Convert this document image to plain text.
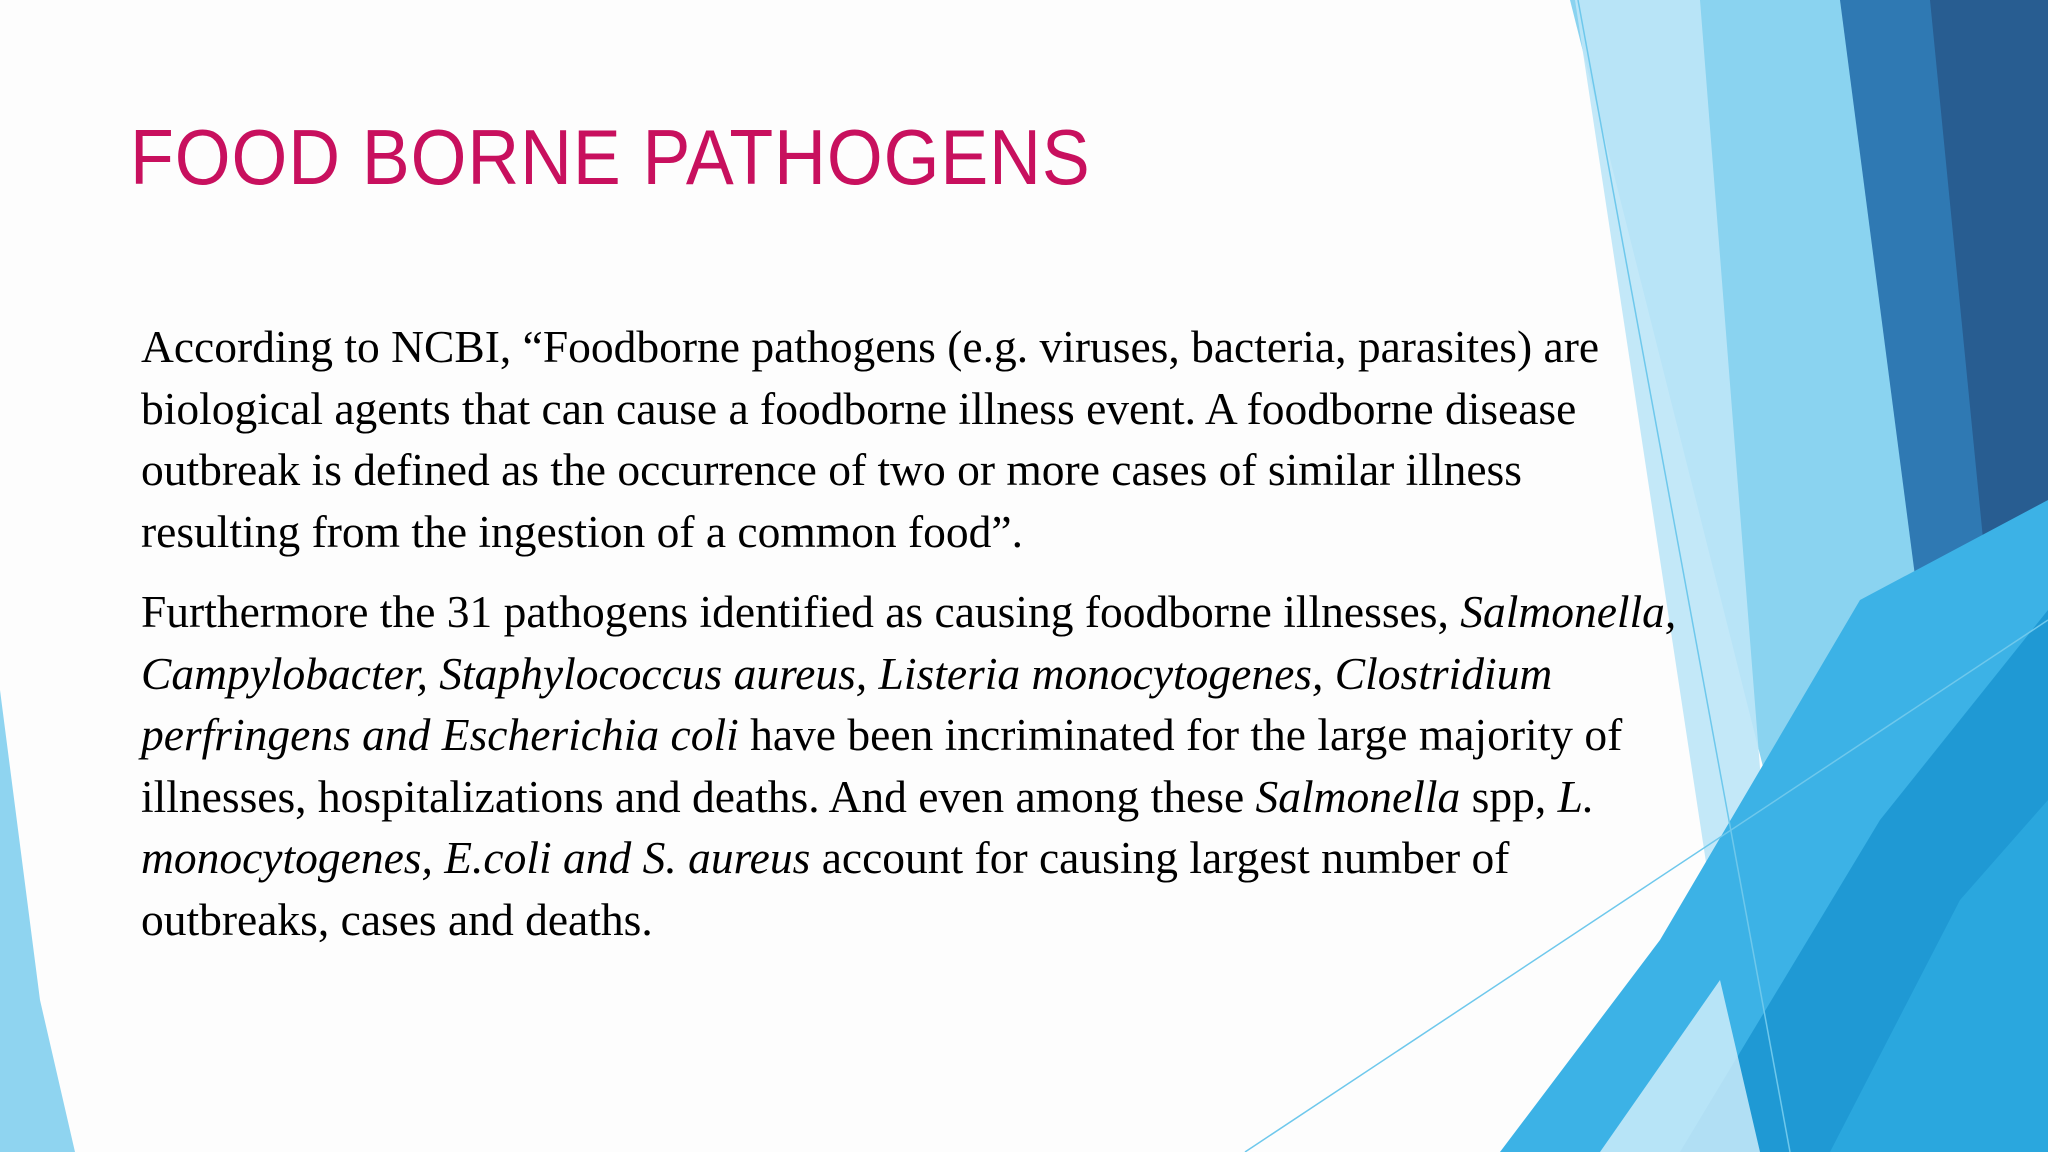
FOOD BORNE PATHOGENS

According to NCBI, “Foodborne pathogens (e.g. viruses, bacteria, parasites) are
biological agents that can cause a foodborne illness event. A foodborne disease
outbreak is defined as the occurrence of two or more cases of similar illness
resulting from the ingestion of a common food”.

Furthermore the 31 pathogens identified as causing foodborne illnesses, Salmonella,
Campylobacter, Staphylococcus aureus, Listeria monocytogenes, Clostridium
perfringens and Escherichia coli have been incriminated for the large majority of
illnesses, hospitalizations and deaths. And even among these Salmonella spp, L.
monocytogenes, E.coli and S. aureus account for causing largest number of
outbreaks, cases and deaths.
